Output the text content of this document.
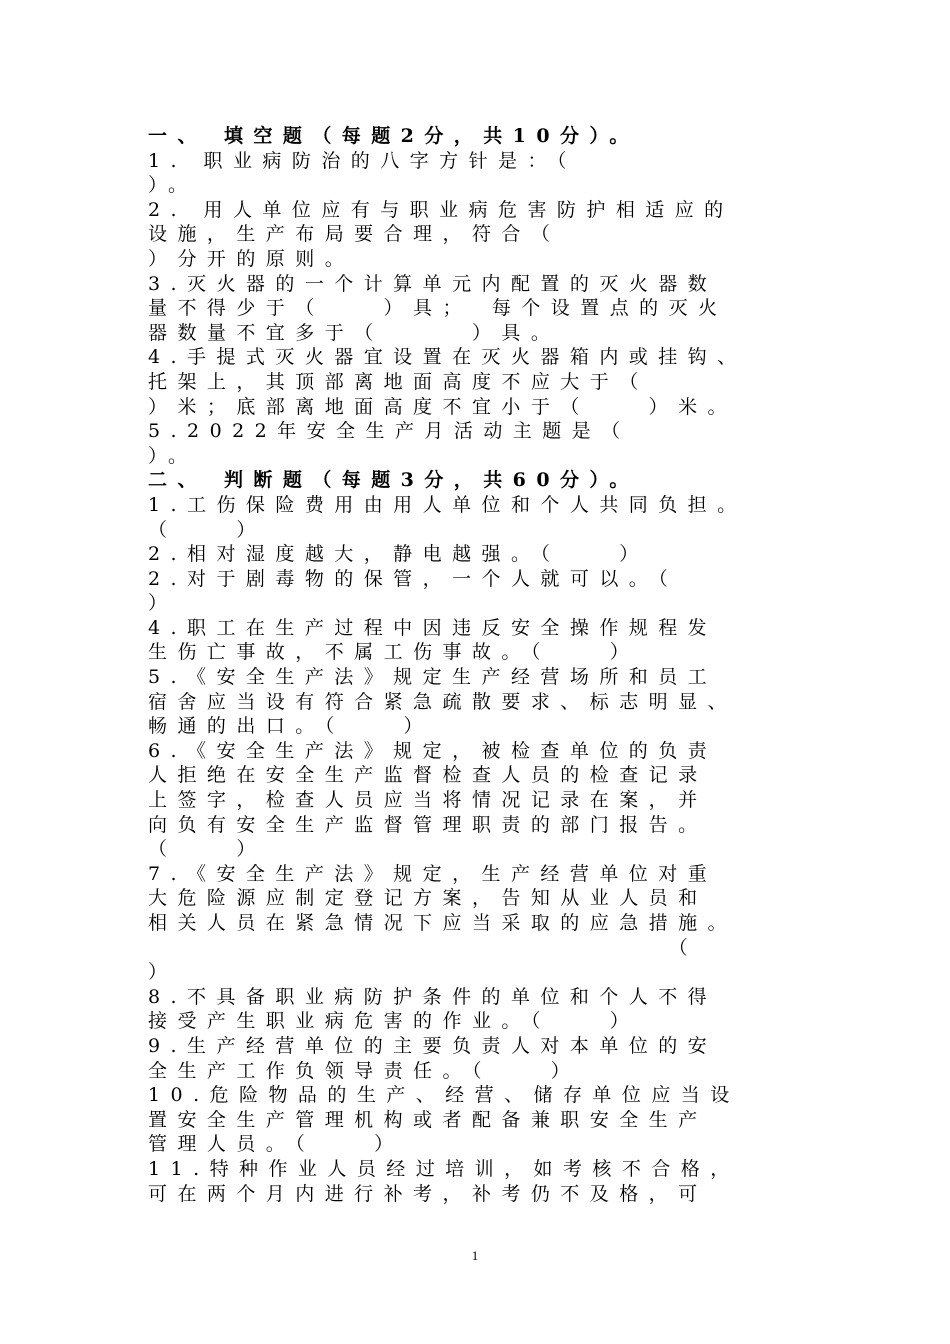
一、 填空题（每题2分，共10分）。
1. 职业病防治的八字方针是：（
）。
2. 用人单位应有与职业病危害防护相适应的
设施，生产布局要合理，符合（
）分开的原则。
3.灭火器的一个计算单元内配置的灭火器数
量不得少于（　　）具；　每个设置点的灭火
器数量不宜多于（　　　）具。
4.手提式灭火器宜设置在灭火器箱内或挂钩、
托架上，其顶部离地面高度不应大于（
）米；底部离地面高度不宜小于（　　）米。
5.2022年安全生产月活动主题是（
）。
二、 判断题（每题3分，共60分）。
1.工伤保险费用由用人单位和个人共同负担。
（　　）
2.相对湿度越大，静电越强。（　　）
2.对于剧毒物的保管，一个人就可以。（
）
4.职工在生产过程中因违反安全操作规程发
生伤亡事故，不属工伤事故。（　　）
5.《安全生产法》规定生产经营场所和员工
宿舍应当设有符合紧急疏散要求、标志明显、
畅通的出口。（　　）
6.《安全生产法》规定，被检查单位的负责
人拒绝在安全生产监督检查人员的检查记录
上签字，检查人员应当将情况记录在案，并
向负有安全生产监督管理职责的部门报告。
（　　）
7.《安全生产法》规定，生产经营单位对重
大危险源应制定登记方案，告知从业人员和
相关人员在紧急情况下应当采取的应急措施。
　　　　　　　　　　　　　　　　　　（
）
8.不具备职业病防护条件的单位和个人不得
接受产生职业病危害的作业。（　　）
9.生产经营单位的主要负责人对本单位的安
全生产工作负领导责任。（　　）
10.危险物品的生产、经营、储存单位应当设
置安全生产管理机构或者配备兼职安全生产
管理人员。（　　）
11.特种作业人员经过培训，如考核不合格，
可在两个月内进行补考，补考仍不及格，可
1
